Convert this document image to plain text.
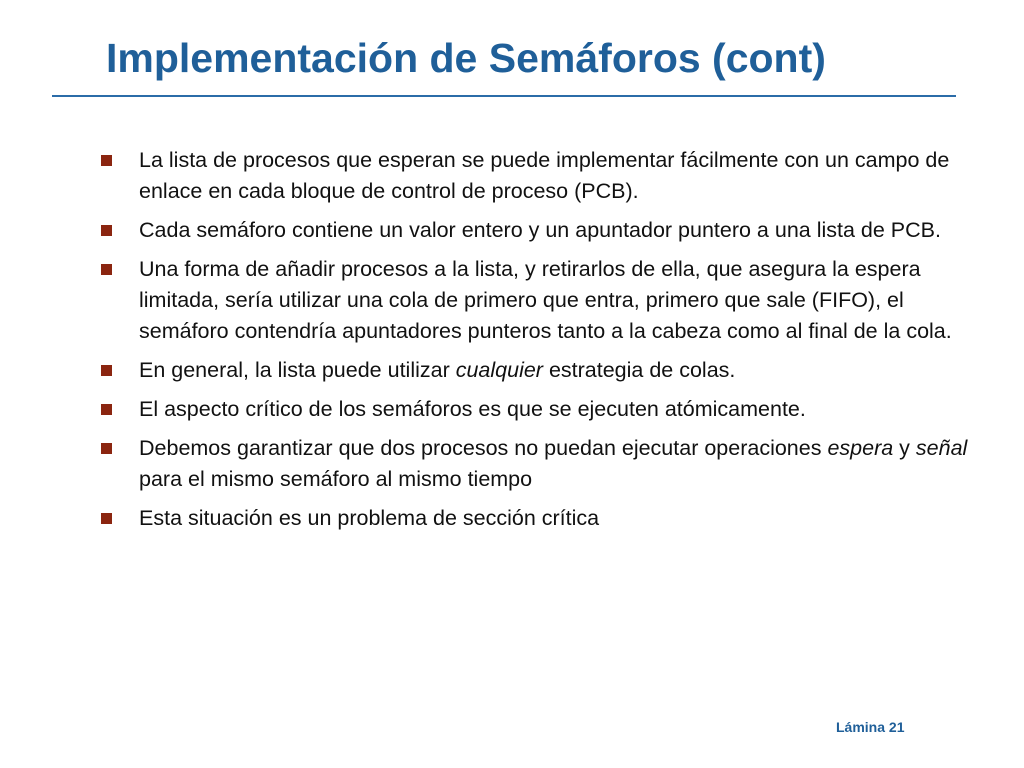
Implementación de Semáforos (cont)
La lista de procesos que esperan se puede implementar fácilmente con un campo de enlace en cada bloque de control de proceso (PCB).
Cada semáforo contiene un valor entero y un apuntador puntero a una lista de PCB.
Una forma de añadir procesos a la lista, y retirarlos de ella, que asegura la espera limitada, sería utilizar una cola de primero que entra, primero que sale (FIFO), el semáforo contendría apuntadores punteros tanto a la cabeza como al final de la cola.
En general, la lista puede utilizar cualquier estrategia de colas.
El aspecto crítico de los semáforos es que se ejecuten atómicamente.
Debemos garantizar que dos procesos no puedan ejecutar operaciones espera y señal para el mismo semáforo al mismo tiempo
Esta situación es un problema de sección crítica
Lámina 21
